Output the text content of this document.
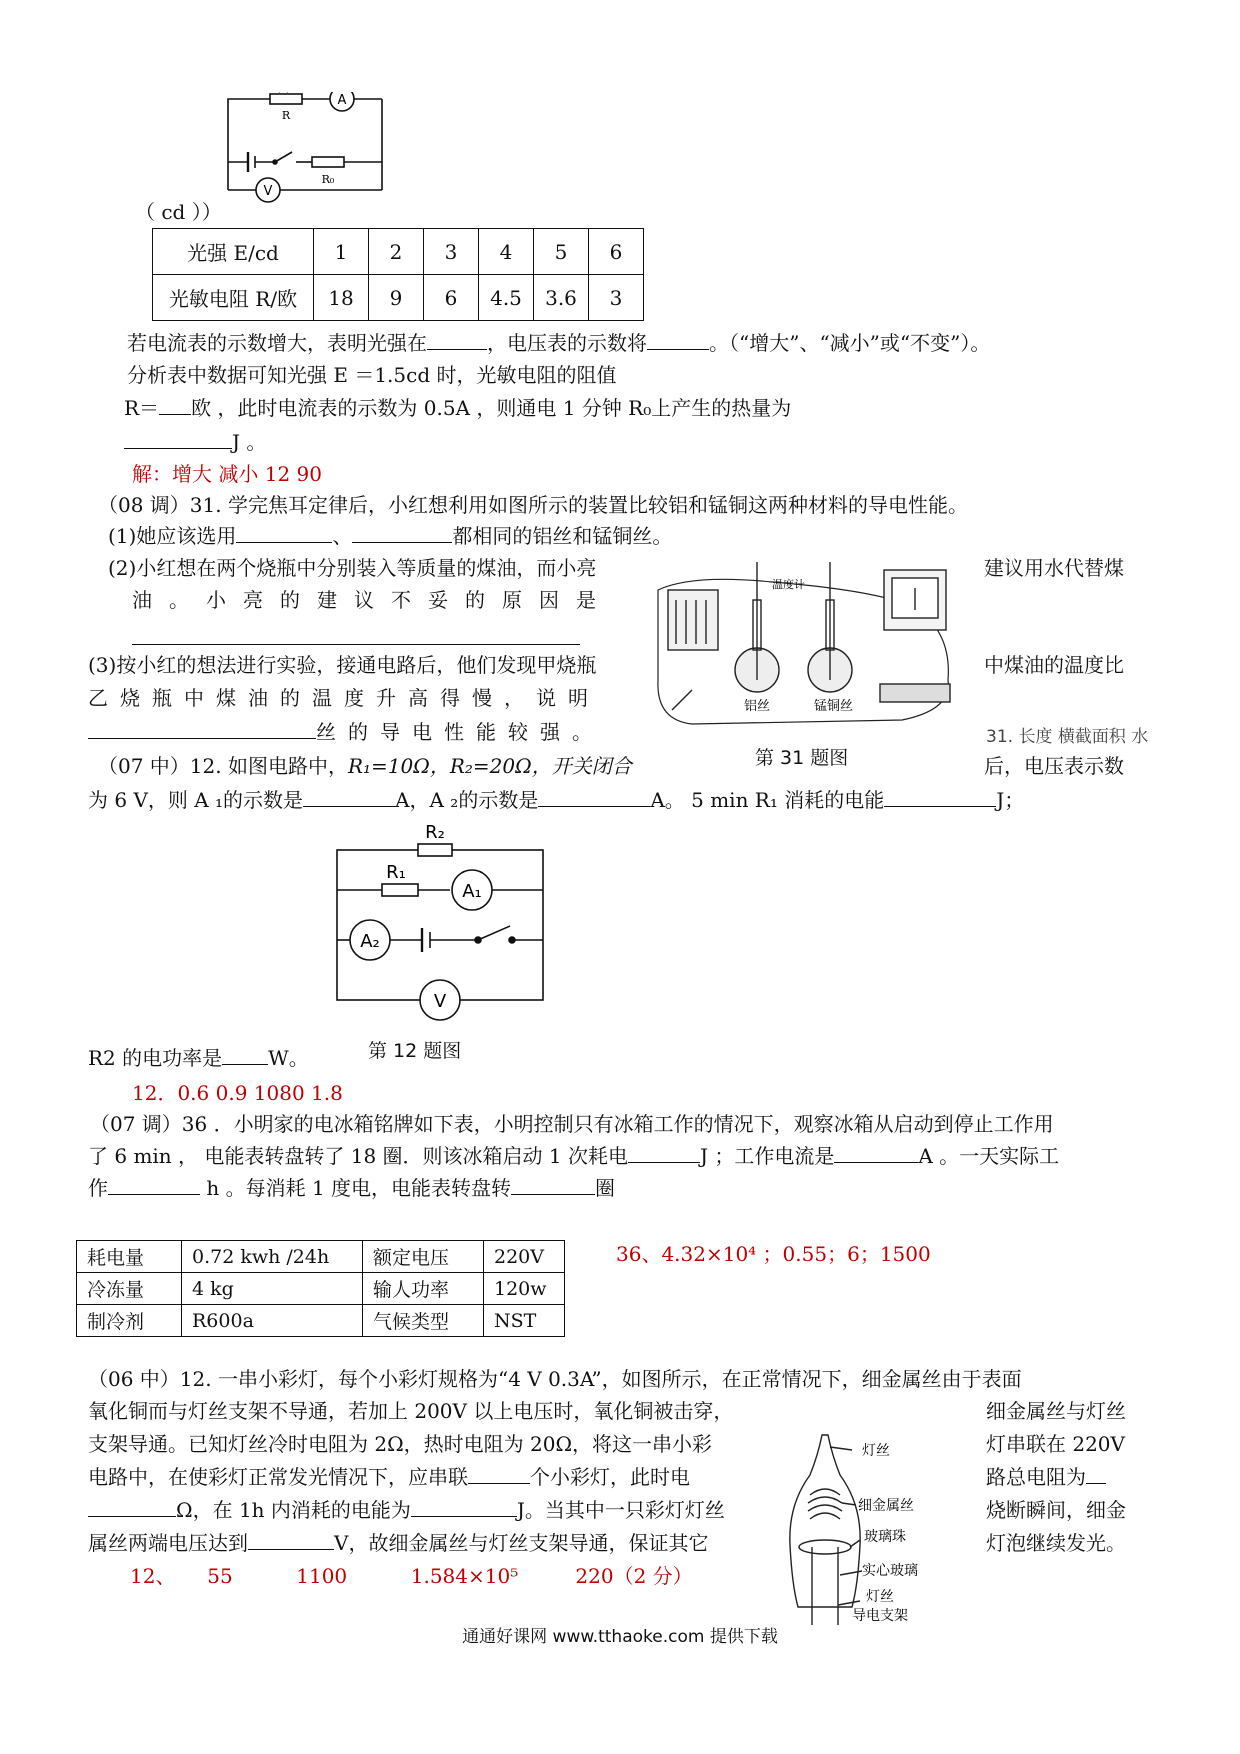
A
V
R
R₀
（ cd ））
光强 E/cd	1	2	3	4	5	6
光敏电阻 R/欧	18	9	6	4.5	3.6	3
若电流表的示数增大，表明光强在	，电压表的示数将	。（“增大”、“减小”或“不变”）。
分析表中数据可知光强 E ＝1.5cd 时，光敏电阻的阻值
R＝ 欧 ，此时电流表的示数为 0.5A ，则通电 1 分钟 R₀上产生的热量为
J 。
解：增大 减小 12 90
（08 调）31. 学完焦耳定律后，小红想利用如图所示的装置比较铝和锰铜这两种材料的导电性能。
(1)她应该选用	、	都相同的铝丝和锰铜丝。
(2)小红想在两个烧瓶中分别装入等质量的煤油，而小亮	建议用水代替煤
油。小亮的建议不妥的原因是
(3)按小红的想法进行实验，接通电路后，他们发现甲烧瓶	中煤油的温度比
乙烧瓶中煤油的温度升高得慢，说明
丝的导电性能较强。
温度计
铝丝	锰铜丝
第 31 题图
31. 长度 横截面积 水
（07 中）12. 如图电路中，R₁=10Ω，R₂=20Ω，开关闭合	后，电压表示数
为 6 V，则 A ₁的示数是	A，A ₂的示数是	A。 5 min R₁ 消耗的电能	J；
R₂
R₁
A₁
A₂
V
第 12 题图
R2 的电功率是 W。
12．0.6 0.9 1080 1.8
（07 调）36 ．小明家的电冰箱铭牌如下表，小明控制只有冰箱工作的情况下，观察冰箱从启动到停止工作用
了 6 min ， 电能表转盘转了 18 圈．则该冰箱启动 1 次耗电	J ；工作电流是	A 。一天实际工
作	h 。每消耗 1 度电，电能表转盘转	圈
耗电量	0.72 kwh /24h	额定电压	220V
冷冻量	4 kg	输人功率	120w
制冷剂	R600a	气候类型	NST
36、4.32×10⁴ ；0.55；6；1500
（06 中）12. 一串小彩灯，每个小彩灯规格为“4 V 0.3A”，如图所示，在正常情况下，细金属丝由于表面
氧化铜而与灯丝支架不导通，若加上 200V 以上电压时，氧化铜被击穿，	细金属丝与灯丝
支架导通。已知灯丝冷时电阻为 2Ω，热时电阻为 20Ω，将这一串小彩	灯串联在 220V
电路中，在使彩灯正常发光情况下，应串联	个小彩灯，此时电	路总电阻为
Ω，在 1h 内消耗的电能为	J。当其中一只彩灯灯丝	烧断瞬间，细金
属丝两端电压达到	V，故细金属丝与灯丝支架导通，保证其它	灯泡继续发光。
12、     55          1100          1.584×10⁵         220（2 分）
灯丝
细金属丝
玻璃珠
实心玻璃
灯丝
导电支架
通通好课网 www.tthaoke.com 提供下载
